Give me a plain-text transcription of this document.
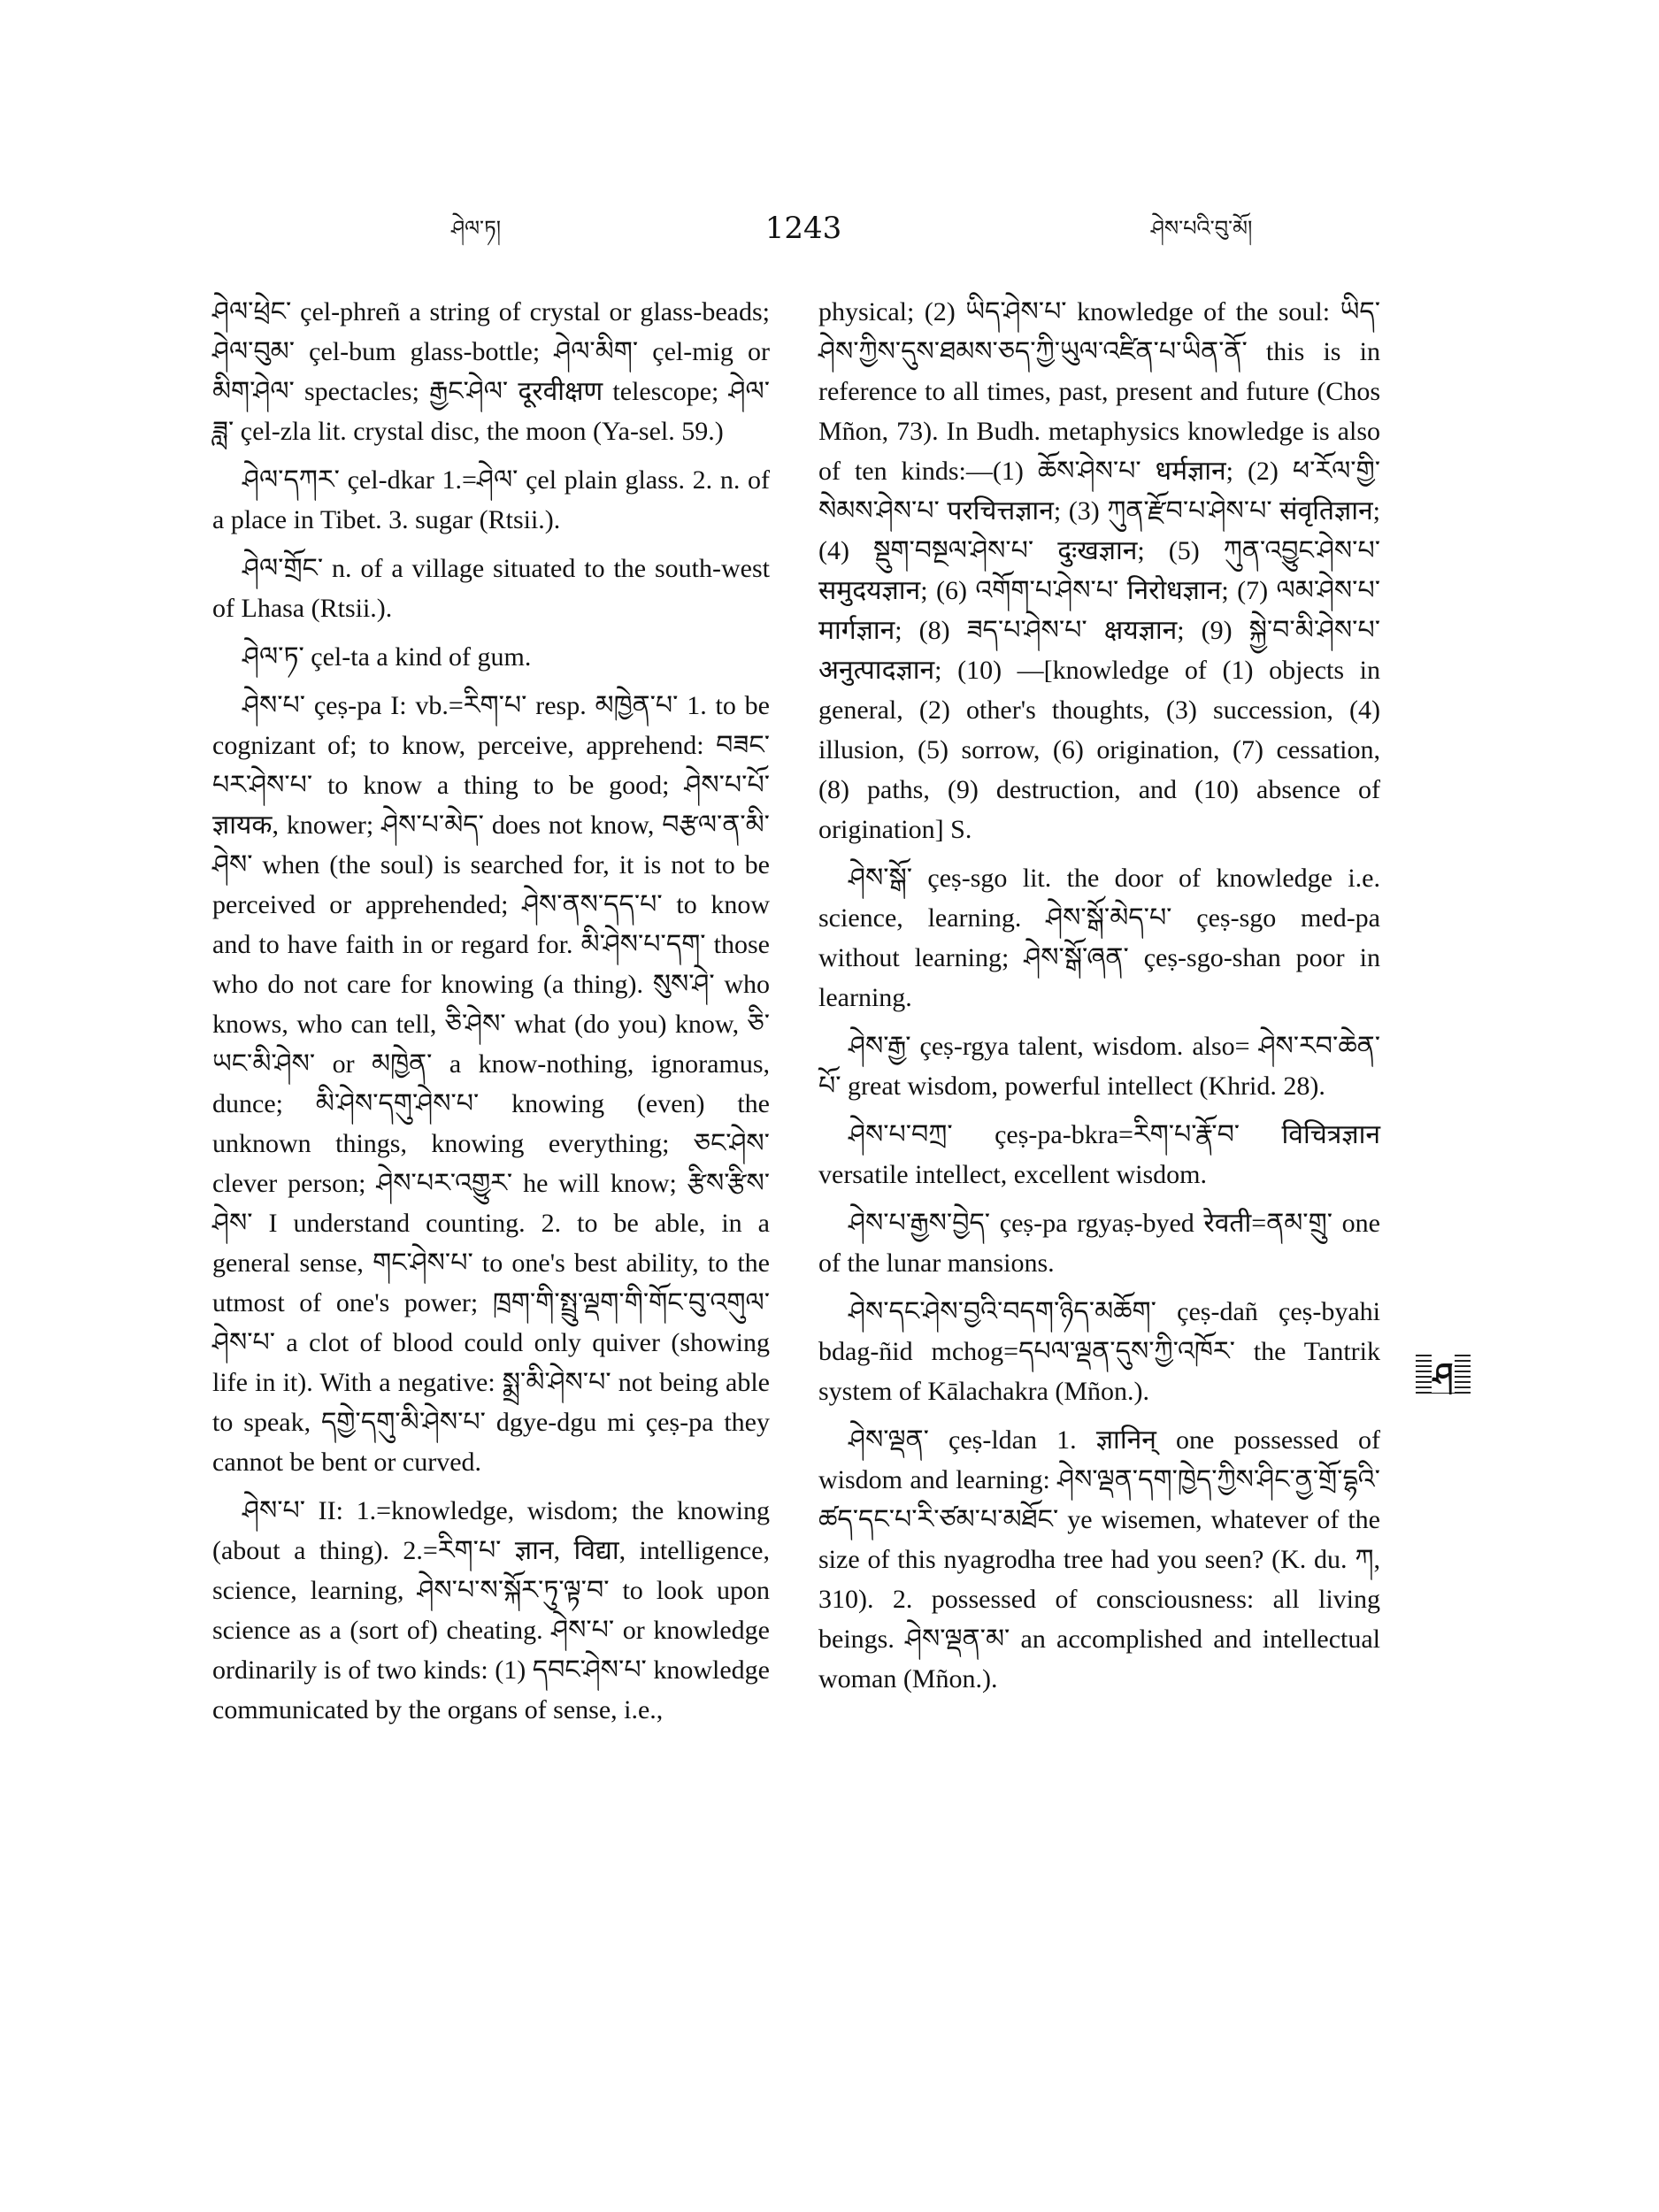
ཤེལ་ཏ།	1243	ཤེས་པའི་བུ་མོ།

ཤེལ་ཕྲེང་ çel-phreñ a string of crystal or glass-beads; ཤེལ་བུམ་ çel-bum glass-bottle; ཤེལ་མིག་ çel-mig or མིག་ཤེལ་ spectacles; རྒྱང་ཤེལ་ दूरवीक्षण telescope; ཤེལ་ཟླ་ çel-zla lit. crystal disc, the moon (Ya-sel. 59.)

ཤེལ་དཀར་ çel-dkar 1.=ཤེལ་ çel plain glass. 2. n. of a place in Tibet. 3. sugar (Rtsii.).

ཤེལ་གྲོང་ n. of a village situated to the south-west of Lhasa (Rtsii.).

ཤེལ་ཏ་ çel-ta a kind of gum.

ཤེས་པ་ çeṣ-pa I: vb.=རིག་པ་ resp. མཁྱེན་པ་ 1. to be cognizant of; to know, perceive, apprehend: བཟང་པར་ཤེས་པ་ to know a thing to be good; ཤེས་པ་པོ་ ज्ञायक, knower; ཤེས་པ་མེད་ does not know, བརྩལ་ན་མི་ཤེས་ when (the soul) is searched for, it is not to be perceived or apprehended; ཤེས་ནས་དད་པ་ to know and to have faith in or regard for. མི་ཤེས་པ་དག་ those who do not care for knowing (a thing). སུས་ཤེ་ who knows, who can tell, ཅི་ཤེས་ what (do you) know, ཅི་ཡང་མི་ཤེས་ or མཁྱེན་ a know-nothing, ignoramus, dunce; མི་ཤེས་དགུ་ཤེས་པ་ knowing (even) the unknown things, knowing everything; ཅང་ཤེས་ clever person; ཤེས་པར་འགྱུར་ he will know; རྩིས་རྩིས་ཤེས་ I understand counting. 2. to be able, in a general sense, གང་ཤེས་པ་ to one's best ability, to the utmost of one's power; ཁྲག་གི་སྤྲུ་ལྡག་གི་གོང་བུ་འགུལ་ཤེས་པ་ a clot of blood could only quiver (showing life in it). With a negative: སྨྲ་མི་ཤེས་པ་ not being able to speak, དགྱེ་དགུ་མི་ཤེས་པ་ dgye-dgu mi çeṣ-pa they cannot be bent or curved.

ཤེས་པ་ II: 1.=knowledge, wisdom; the knowing (about a thing). 2.=རིག་པ་ ज्ञान, विद्या, intelligence, science, learning, ཤེས་པ་ས་སྐོར་ཏུ་ལྟ་བ་ to look upon science as a (sort of) cheating. ཤེས་པ་ or knowledge ordinarily is of two kinds: (1) དབང་ཤེས་པ་ knowledge communicated by the organs of sense, i.e.,

physical; (2) ཡིད་ཤེས་པ་ knowledge of the soul: ཡིད་ཤེས་ཀྱིས་དུས་ཐམས་ཅད་ཀྱི་ཡུལ་འཛིན་པ་ཡིན་ནོ་ this is in reference to all times, past, present and future (Chos Mñon, 73). In Budh. metaphysics knowledge is also of ten kinds:—(1) ཆོས་ཤེས་པ་ धर्मज्ञान; (2) ཕ་རོལ་གྱི་སེམས་ཤེས་པ་ परचित्तज्ञान; (3) ཀུན་རྫོབ་པ་ཤེས་པ་ संवृतिज्ञान; (4) སྡུག་བསྔལ་ཤེས་པ་ दुःखज्ञान; (5) ཀུན་འབྱུང་ཤེས་པ་ समुदयज्ञान; (6) འགོག་པ་ཤེས་པ་ निरोधज्ञान; (7) ལམ་ཤེས་པ་ मार्गज्ञान; (8) ཟད་པ་ཤེས་པ་ क्षयज्ञान; (9) སྐྱེ་བ་མི་ཤེས་པ་ अनुत्पादज्ञान; (10) —[knowledge of (1) objects in general, (2) other's thoughts, (3) succession, (4) illusion, (5) sorrow, (6) origination, (7) cessation, (8) paths, (9) destruction, and (10) absence of origination] S.

ཤེས་སྒོ་ çeṣ-sgo lit. the door of knowledge i.e. science, learning. ཤེས་སྒོ་མེད་པ་ çeṣ-sgo med-pa without learning; ཤེས་སྒོ་ཞན་ çeṣ-sgo-shan poor in learning.

ཤེས་རྒྱ་ çeṣ-rgya talent, wisdom. also= ཤེས་རབ་ཆེན་པོ་ great wisdom, powerful intellect (Khrid. 28).

ཤེས་པ་བཀྲ་ çeṣ-pa-bkra=རིག་པ་རྣོ་བ་ विचित्रज्ञान versatile intellect, excellent wisdom.

ཤེས་པ་རྒྱས་བྱེད་ çeṣ-pa rgyaṣ-byed रेवती=ནམ་གྲུ་ one of the lunar mansions.

ཤེས་དང་ཤེས་བྱའི་བདག་ཉིད་མཆོག་ çeṣ-dañ çeṣ-byahi bdag-ñid mchog=དཔལ་ལྡན་དུས་ཀྱི་འཁོར་ the Tantrik system of Kālachakra (Mñon.).

ཤེས་ལྡན་ çeṣ-ldan 1. ज्ञानिन् one possessed of wisdom and learning: ཤེས་ལྡན་དག་ཁྱེད་ཀྱིས་ཤིང་ནྱ་གྲོ་དྷའི་ཚད་དང་པ་རི་ཙམ་པ་མཐོང་ ye wisemen, whatever of the size of this nyagrodha tree had you seen? (K. du. ཀ, 310). 2. possessed of consciousness: all living beings. ཤེས་ལྡན་མ་ an accomplished and intellectual woman (Mñon.).

ཤ
